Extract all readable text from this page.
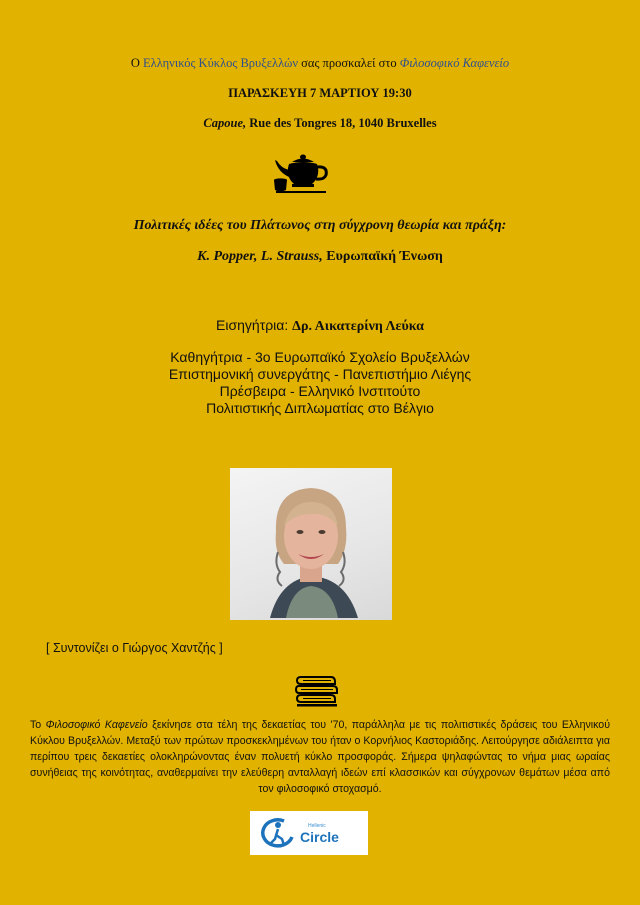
Ο Ελληνικός Κύκλος Βρυξελλών σας προσκαλεί στο Φιλοσοφικό Καφενείο
ΠΑΡΑΣΚΕΥΗ 7 ΜΑΡΤΙΟΥ 19:30
Capoue, Rue des Tongres 18, 1040 Bruxelles
Πολιτικές ιδέες του Πλάτωνος στη σύγχρονη θεωρία και πράξη:
K. Popper, L. Strauss, Ευρωπαϊκή Ένωση
Εισηγήτρια: Δρ. Αικατερίνη Λεύκα
Καθηγήτρια - 3ο Ευρωπαϊκό Σχολείο Βρυξελλών
Επιστημονική συνεργάτης - Πανεπιστήμιο Λιέγης
Πρέσβειρα - Ελληνικό Ινστιτούτο
Πολιτιστικής Διπλωματίας στο Βέλγιο
[ Συντονίζει ο Γιώργος Χαντζής ]
Το Φιλοσοφικό Καφενείο ξεκίνησε στα τέλη της δεκαετίας του '70, παράλληλα με τις πολιτιστικές δράσεις του Ελληνικού Κύκλου Βρυξελλών. Μεταξύ των πρώτων προσκεκλημένων του ήταν ο Κορνήλιος Καστοριάδης. Λειτούργησε αδιάλειπτα για περίπου τρεις δεκαετίες ολοκληρώνοντας έναν πολυετή κύκλο προσφοράς. Σήμερα ψηλαφώντας το νήμα μιας ωραίας συνήθειας της κοινότητας, αναθερμαίνει την ελεύθερη ανταλλαγή ιδεών επί κλασσικών και σύγχρονων θεμάτων μέσα από τον φιλοσοφικό στοχασμό.
Hellenic
Circle
